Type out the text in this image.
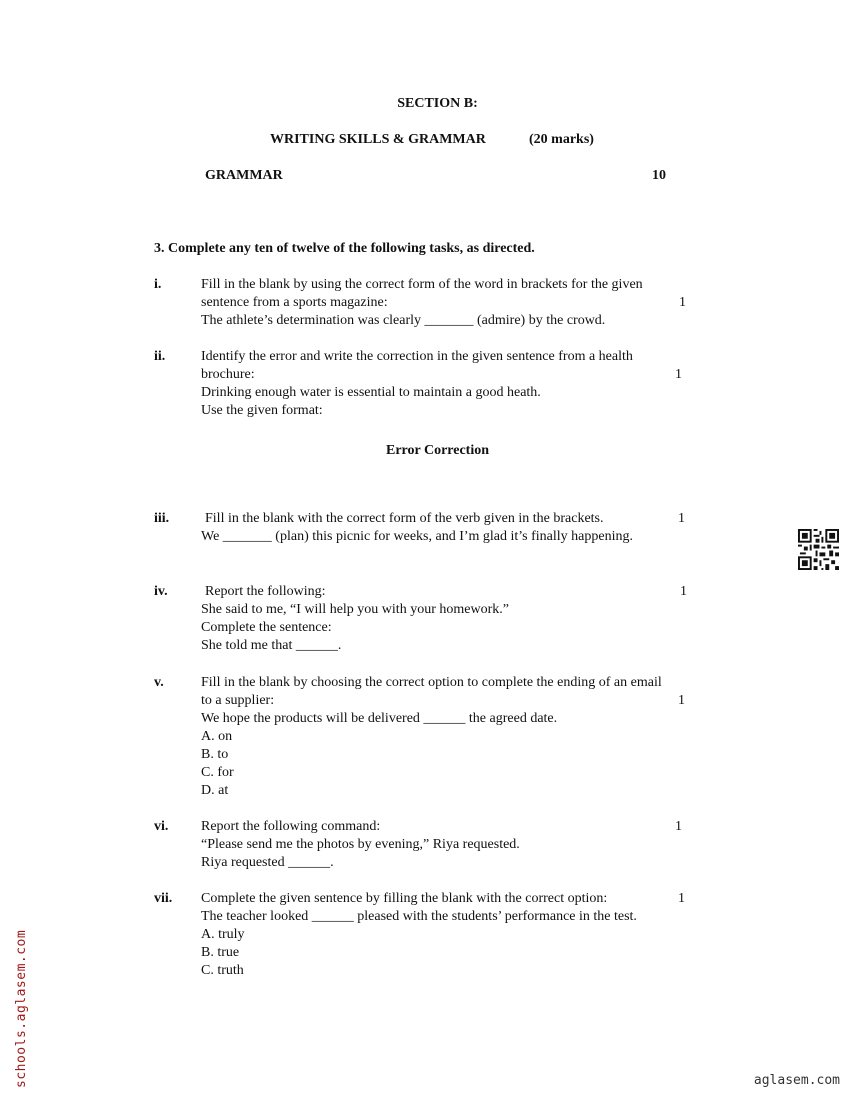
SECTION B:
WRITING SKILLS & GRAMMAR	(20 marks)
GRAMMAR	10
3. Complete any ten of twelve of the following tasks, as directed.
i.	Fill in the blank by using the correct form of the word in brackets for the given
sentence from a sports magazine:	1
The athlete’s determination was clearly _______ (admire) by the crowd.
ii.	Identify the error and write the correction in the given sentence from a health
brochure:	1
Drinking enough water is essential to maintain a good heath.
Use the given format:
Error Correction
iii.	Fill in the blank with the correct form of the verb given in the brackets.	1
We _______ (plan) this picnic for weeks, and I’m glad it’s finally happening.
iv.	Report the following:	1
She said to me, “I will help you with your homework.”
Complete the sentence:
She told me that ______.
v.	Fill in the blank by choosing the correct option to complete the ending of an email
to a supplier:	1
We hope the products will be delivered ______ the agreed date.
A. on
B. to
C. for
D. at
vi. Report the following command:	1
“Please send me the photos by evening,” Riya requested.
Riya requested ______.
vii. Complete the given sentence by filling the blank with the correct option:	1
The teacher looked ______ pleased with the students’ performance in the test.
A. truly
B. true
C. truth
schools.aglasem.com	aglasem.com
